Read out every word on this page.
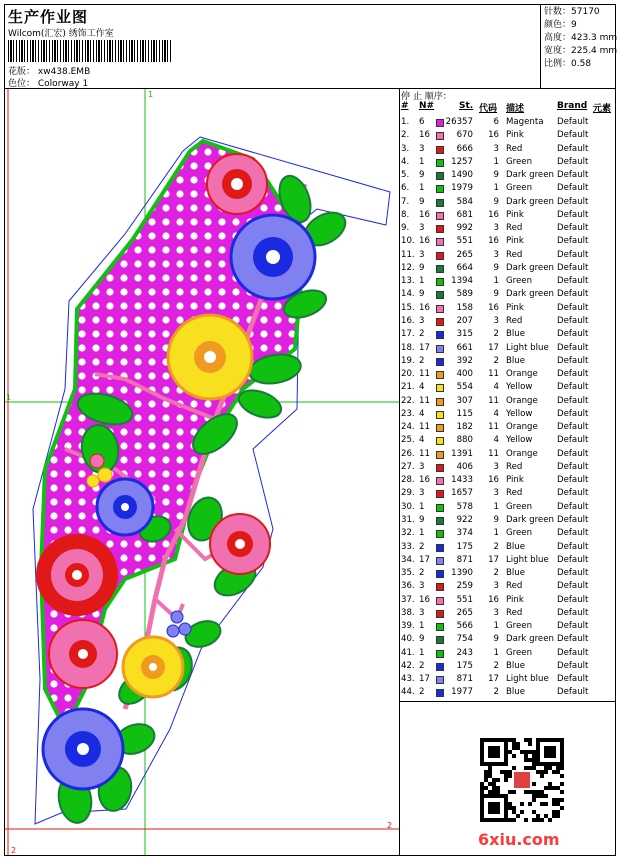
生产作业图
Wilcom(汇宏) 绣饰工作室
花版： xw438.EMB
色位： Colorway 1
针数：57170
颜色：9
高度：423.3 mm
宽度：225.4 mm
比例：0.58
1
1
2
2
停 止 顺序：
# N#	St. 代码 描述	Brand 元素
1. 6 26357	6 Magenta Default
2. 16	670	16 Pink	Default
3. 3	666	3 Red	Default
4. 1	1257	1 Green	Default
5. 9	1490	9 Dark green Default
6. 1	1979	1 Green	Default
7. 9	584	9 Dark green Default
8. 16	681	16 Pink	Default
9. 3	992	3 Red	Default
10. 16	551	16 Pink	Default
11. 3	265	3 Red	Default
12. 9	664	9 Dark green Default
13. 1	1394	1 Green	Default
14. 9	589	9 Dark green Default
15. 16	158	16 Pink	Default
16. 3	207	3 Red	Default
17. 2	315	2 Blue	Default
18. 17	661	17 Light blue Default
19. 2	392	2 Blue	Default
20. 11	400	11 Orange Default
21. 4	554	4 Yellow	Default
22. 11	307	11 Orange Default
23. 4	115	4 Yellow	Default
24. 11	182	11 Orange Default
25. 4	880	4 Yellow	Default
26. 11	1391	11 Orange Default
27. 3	406	3 Red	Default
28. 16	1433	16 Pink	Default
29. 3	1657	3 Red	Default
30. 1	578	1 Green	Default
31. 9	922	9 Dark green Default
32. 1	374	1 Green	Default
33. 2	175	2 Blue	Default
34. 17	871	17 Light blue Default
35. 2	1390	2 Blue	Default
36. 3	259	3 Red	Default
37. 16	551	16 Pink	Default
38. 3	265	3 Red	Default
39. 1	566	1 Green	Default
40. 9	754	9 Dark green Default
41. 1	243	1 Green	Default
42. 2	175	2 Blue	Default
43. 17	871	17 Light blue Default
44. 2	1977	2 Blue	Default
6xiu.com
